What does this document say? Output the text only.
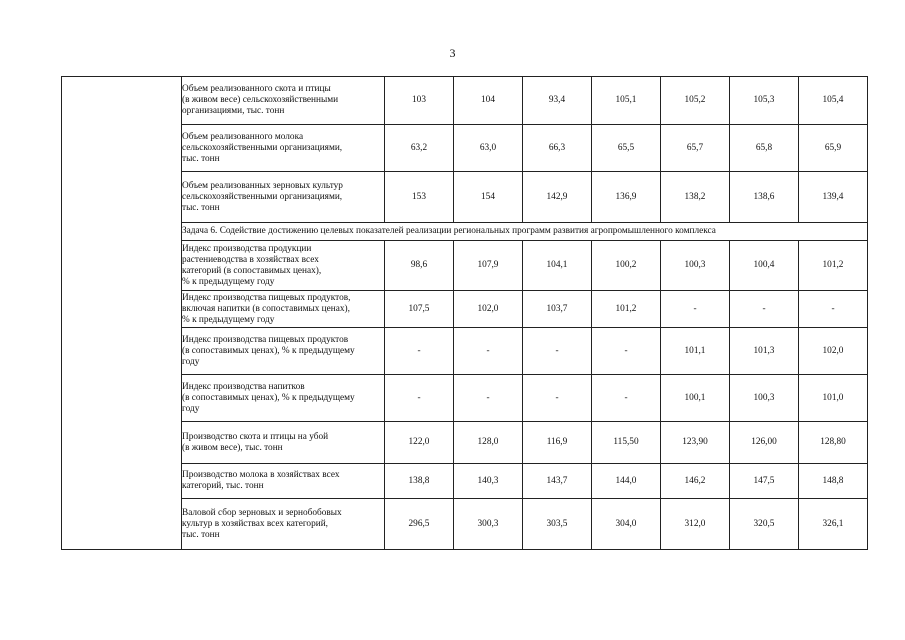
3
	Объем реализованного скота и птицы
(в живом весе) сельскохозяйственными
организациями, тыс. тонн	103	104	93,4	105,1	105,2	105,3	105,4
	Объем реализованного молока
сельскохозяйственными организациями,
тыс. тонн	63,2	63,0	66,3	65,5	65,7	65,8	65,9
	Объем реализованных зерновых культур
сельскохозяйственными организациями,
тыс. тонн	153	154	142,9	136,9	138,2	138,6	139,4
	Задача 6. Содействие достижению целевых показателей реализации региональных программ развития агропромышленного комплекса							
	Индекс производства продукции
растениеводства в хозяйствах всех
категорий (в сопоставимых ценах),
% к предыдущему году	98,6	107,9	104,1	100,2	100,3	100,4	101,2
	Индекс производства пищевых продуктов,
включая напитки (в сопоставимых ценах),
% к предыдущему году	107,5	102,0	103,7	101,2	-	-	-
	Индекс производства пищевых продуктов
(в сопоставимых ценах), % к предыдущему
году	-	-	-	-	101,1	101,3	102,0
	Индекс производства напитков
(в сопоставимых ценах), % к предыдущему
году	-	-	-	-	100,1	100,3	101,0
	Производство скота и птицы на убой
(в живом весе), тыс. тонн	122,0	128,0	116,9	115,50	123,90	126,00	128,80
	Производство молока в хозяйствах всех
категорий, тыс. тонн	138,8	140,3	143,7	144,0	146,2	147,5	148,8
	Валовой сбор зерновых и зернобобовых
культур в хозяйствах всех категорий,
тыс. тонн	296,5	300,3	303,5	304,0	312,0	320,5	326,1
